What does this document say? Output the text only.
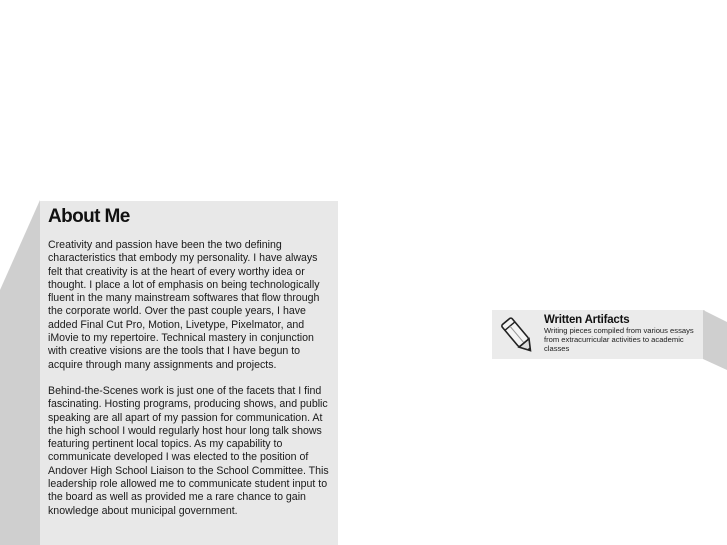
About Me

Creativity and passion have been the two defining characteristics that embody my personality. I have always felt that creativity is at the heart of every worthy idea or thought. I place a lot of emphasis on being technologically fluent in the many mainstream softwares that flow through the corporate world. Over the past couple years, I have added Final Cut Pro, Motion, Livetype, Pixelmator, and iMovie to my repertoire. Technical mastery in conjunction with creative visions are the tools that I have begun to acquire through many assignments and projects.

Behind-the-Scenes work is just one of the facets that I find fascinating. Hosting programs, producing shows, and public speaking are all apart of my passion for communication. At the high school I would regularly host hour long talk shows featuring pertinent local topics. As my capability to communicate developed I was elected to the position of Andover High School Liaison to the School Committee. This leadership role allowed me to communicate student input to the board as well as provided me a rare chance to gain knowledge about municipal government.

Written Artifacts

Writing pieces compiled from various essays from extracurricular activities to academic classes
